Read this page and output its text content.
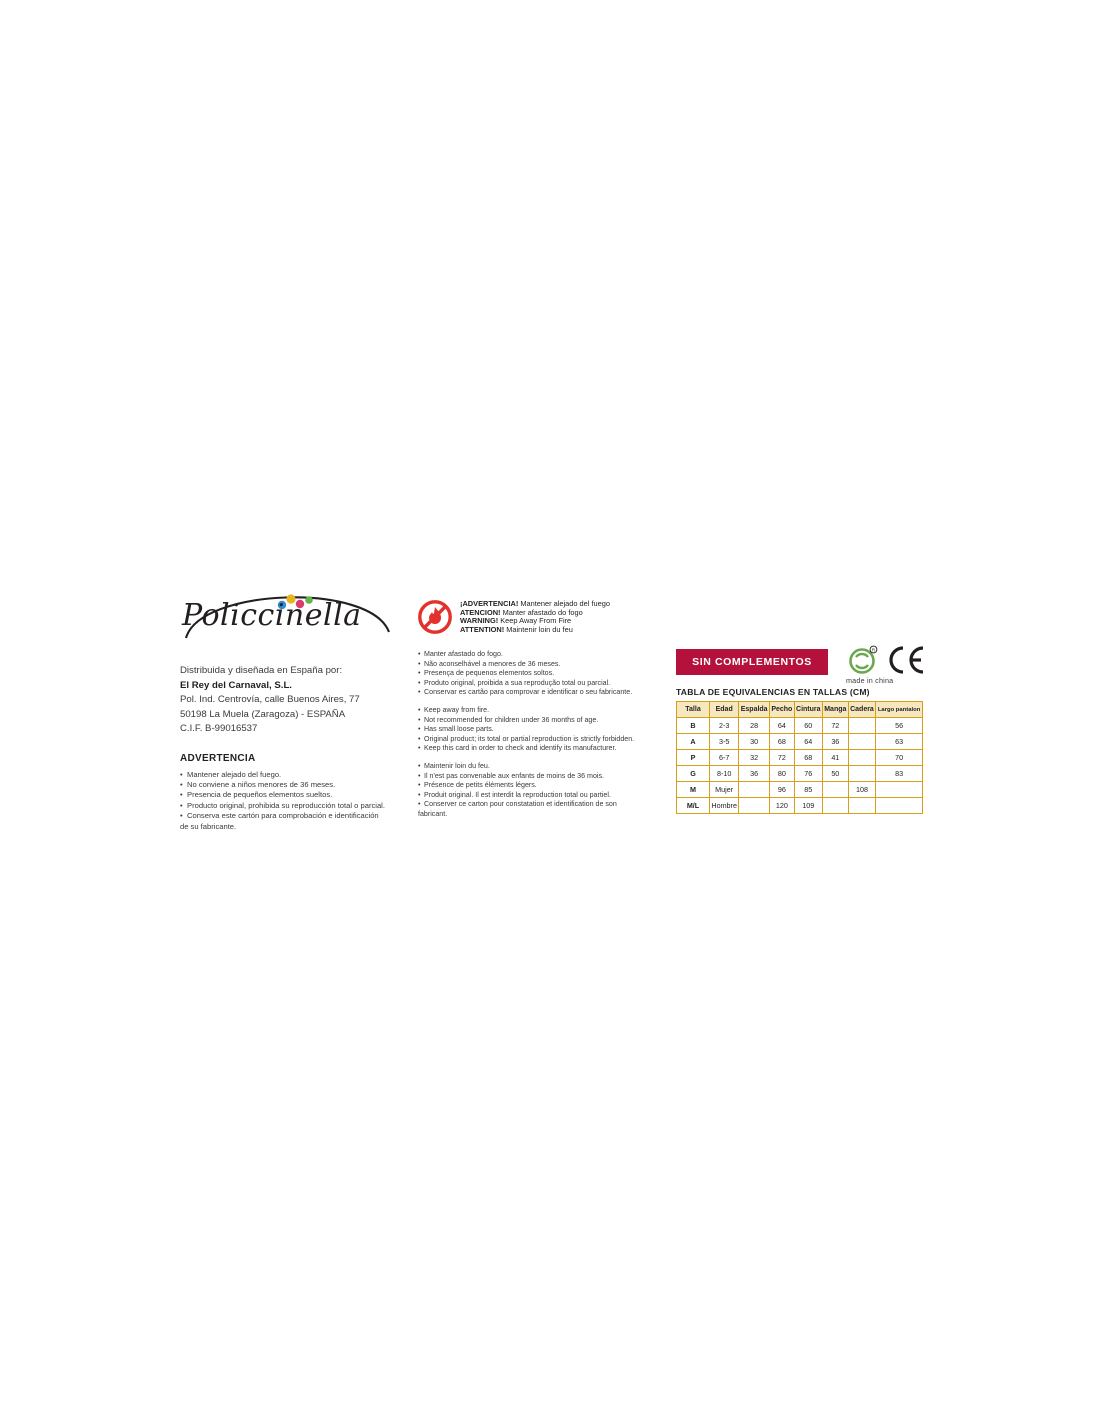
Policcinella
Distribuida y diseñada en España por:
El Rey del Carnaval, S.L.
Pol. Ind. Centrovía, calle Buenos Aires, 77
50198 La Muela (Zaragoza) - ESPAÑA
C.I.F. B-99016537
ADVERTENCIA
• Mantener alejado del fuego.
• No conviene a niños menores de 36 meses.
• Presencia de pequeños elementos sueltos.
• Producto original, prohibida su reproducción total o parcial.
• Conserva este cartón para comprobación e identificación
de su fabricante.
¡ADVERTENCIA! Mantener alejado del fuego
ATENCION! Manter afastado do fogo
WARNING! Keep Away From Fire
ATTENTION! Maintenir loin du feu
• Manter afastado do fogo.
• Não aconselhável a menores de 36 meses.
• Presença de pequenos elementos soltos.
• Produto original, proibida a sua reprodução total ou parcial.
• Conservar es cartão para comprovar e identificar o seu fabricante.
• Keep away from fire.
• Not recommended for children under 36 months of age.
• Has small loose parts.
• Original product; its total or partial reproduction is strictly forbidden.
• Keep this card in order to check and identify its manufacturer.
• Maintenir loin du feu.
• Il n'est pas convenable aux enfants de moins de 36 mois.
• Présence de petits éléments légers.
• Produit original. Il est interdit la reproduction total ou partiel.
• Conserver ce carton pour constatation et identification de son
fabricant.
SIN COMPLEMENTOS
R
made in china
TABLA DE EQUIVALENCIAS EN TALLAS (CM)
Talla	Edad	Espalda	Pecho	Cintura	Manga	Cadera	Largo pantalon
B	2-3	28	64	60	72		56
A	3-5	30	68	64	36		63
P	6-7	32	72	68	41		70
G	8-10	36	80	76	50		83
M	Mujer		96	85		108	
M/L	Hombre		120	109			
